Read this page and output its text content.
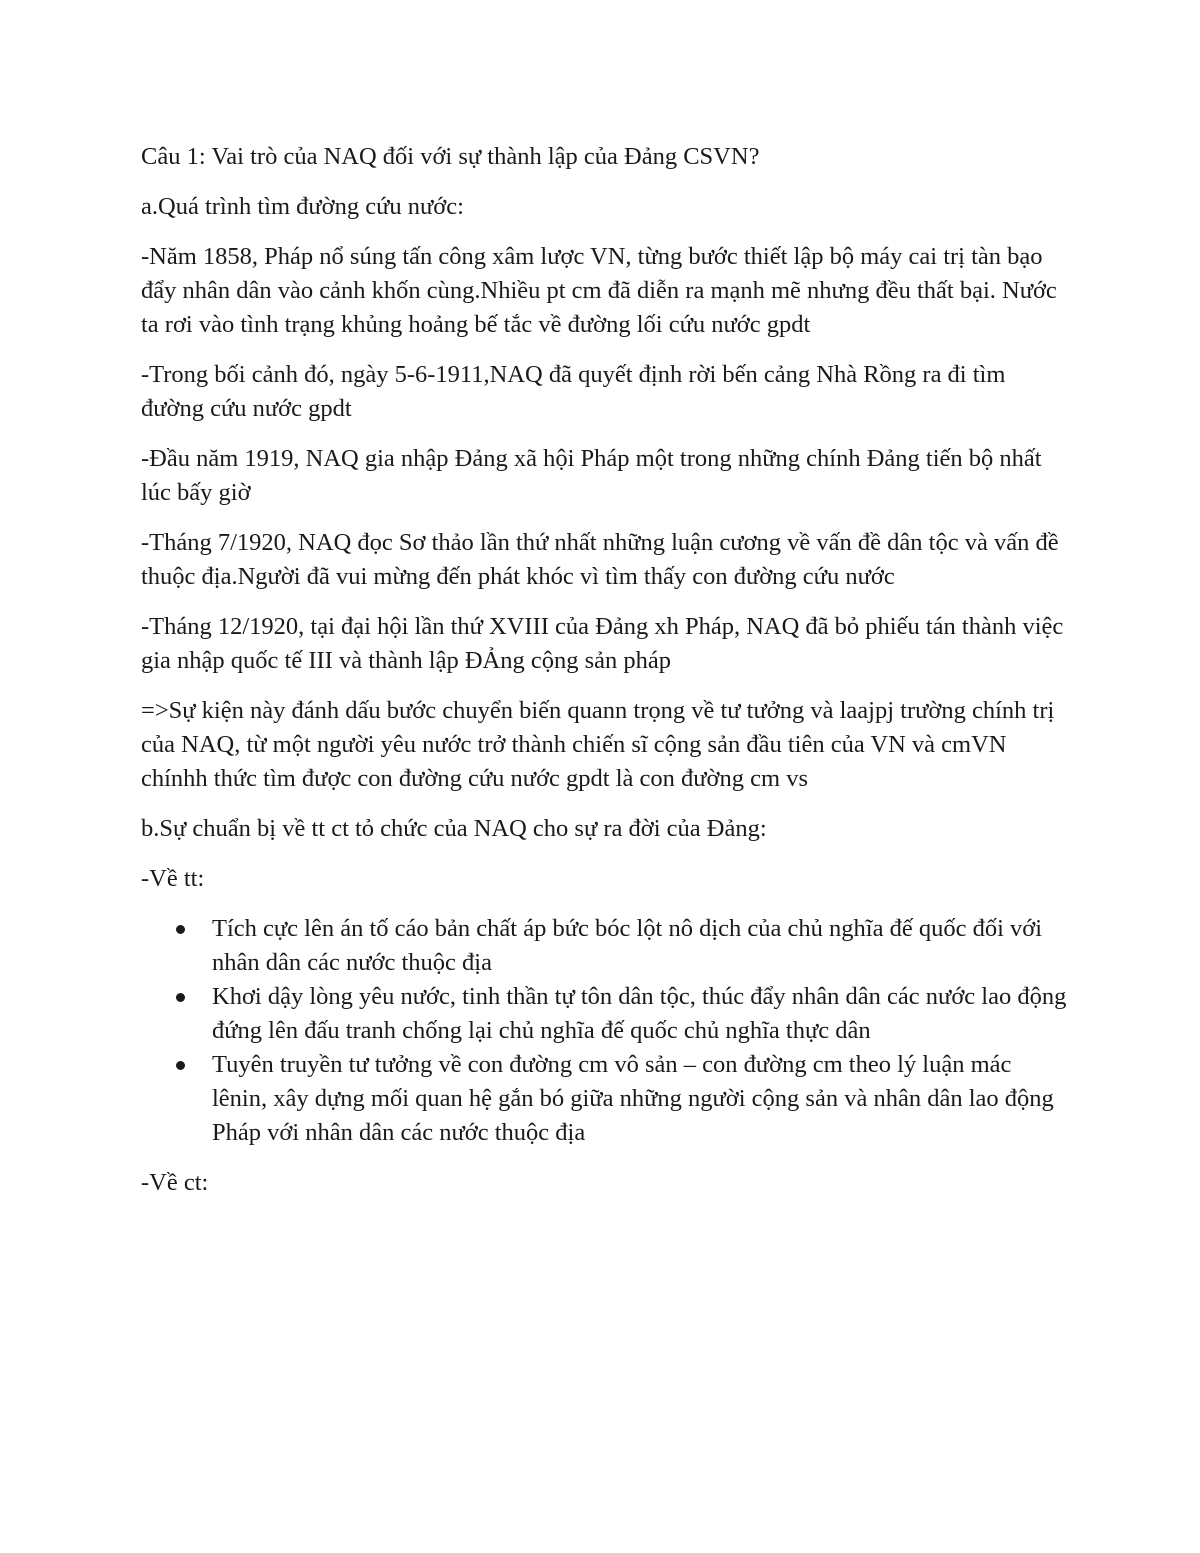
Câu 1: Vai trò của NAQ đối với sự thành lập của Đảng CSVN?

a.Quá trình tìm đường cứu nước:

-Năm 1858, Pháp nổ súng tấn công xâm lược VN, từng bước thiết lập bộ máy cai trị tàn bạo đẩy nhân dân vào cảnh khốn cùng.Nhiều pt cm đã diễn ra mạnh mẽ nhưng đều thất bại. Nước ta rơi vào tình trạng khủng hoảng bế tắc về đường lối cứu nước gpdt

-Trong bối cảnh đó, ngày 5-6-1911,NAQ đã quyết định rời bến cảng Nhà Rồng ra đi tìm đường cứu nước gpdt

-Đầu năm 1919, NAQ gia nhập Đảng xã hội Pháp một trong những chính Đảng tiến bộ nhất lúc bấy giờ

-Tháng 7/1920, NAQ đọc Sơ thảo lần thứ nhất những luận cương về vấn đề dân tộc và vấn đề thuộc địa.Người đã vui mừng đến phát khóc vì tìm thấy con đường cứu nước

-Tháng 12/1920, tại đại hội lần thứ XVIII của Đảng xh Pháp, NAQ đã bỏ phiếu tán thành việc gia nhập quốc tế III và thành lập ĐẢng cộng sản pháp

=>Sự kiện này đánh dấu bước chuyển biến quann trọng về tư tưởng và laajpj trường chính trị của NAQ, từ một người yêu nước trở thành chiến sĩ cộng sản đầu tiên của VN và cmVN chínhh thức tìm được con đường cứu nước gpdt là con đường cm vs

b.Sự chuẩn bị về tt ct tỏ chức của NAQ cho sự ra đời của Đảng:

-Về tt:

Tích cực lên án tố cáo bản chất áp bức bóc lột nô dịch của chủ nghĩa đế quốc đối với nhân dân các nước thuộc địa
Khơi dậy lòng yêu nước, tinh thần tự tôn dân tộc, thúc đẩy nhân dân các nước lao động đứng lên đấu tranh chống lại chủ nghĩa đế quốc chủ nghĩa thực dân
Tuyên truyền tư tưởng về con đường cm vô sản – con đường cm theo lý luận mác lênin, xây dựng mối quan hệ gắn bó giữa những người cộng sản và nhân dân lao động Pháp với nhân dân các nước thuộc địa

-Về ct:
